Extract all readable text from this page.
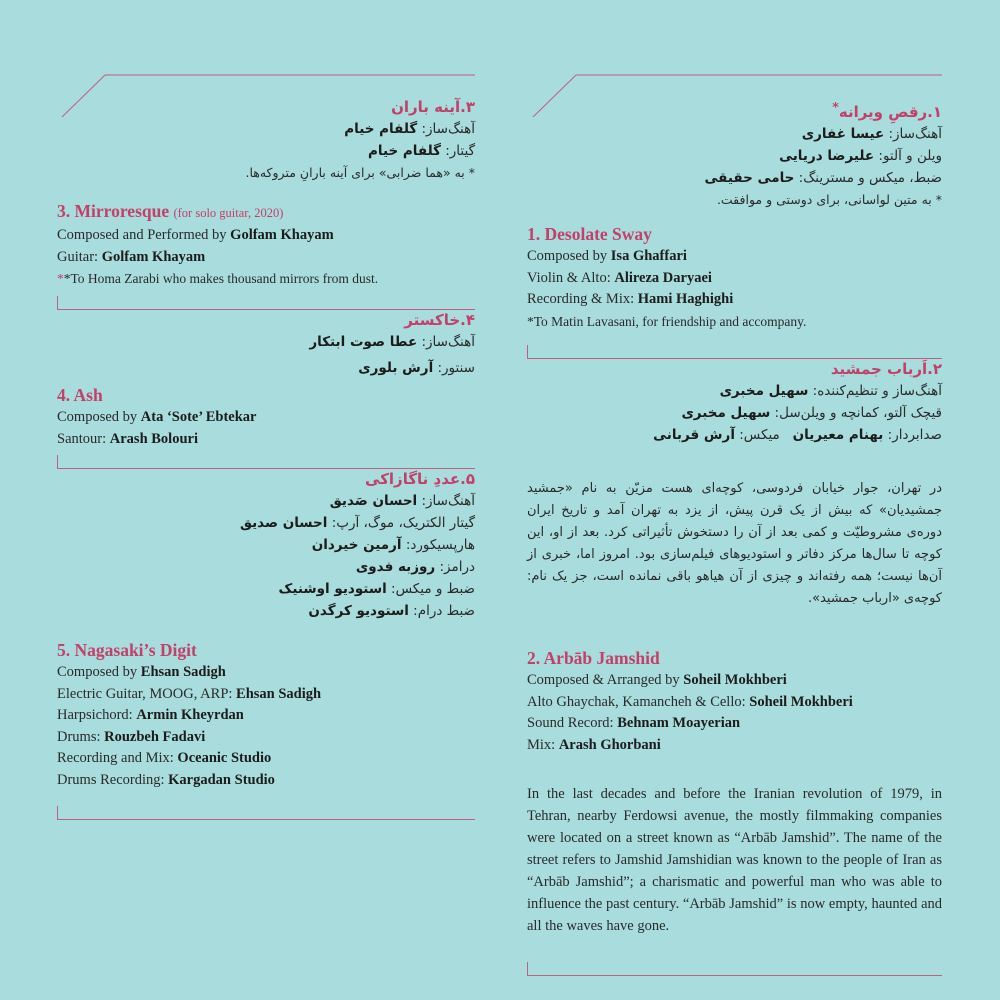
۳.آینه باران
آهنگ‌ساز: گلفام خیام
گیتار: گلفام خیام
* به «هما ضرابی» برای آینه بارانِ متروکه‌ها.
3. Mirroresque (for solo guitar, 2020)
Composed and Performed by Golfam Khayam
Guitar: Golfam Khayam
**To Homa Zarabi who makes thousand mirrors from dust.
۴.خاکستر
آهنگ‌ساز: عطا صوت ابتکار
سنتور: آرش بلوری
4. Ash
Composed by Ata ‘Sote’ Ebtekar
Santour: Arash Bolouri
۵.عددِ ناگازاکی
آهنگ‌ساز: احسان صَدیق
گیتار الکتریک، موگ، آرپ: احسان صدیق
هارپسیکورد: آرمین خیردان
درامز: روزبه فدوی
ضبط و میکس: استودیو اوشنیک
ضبط درام: استودیو کرگدن
5. Nagasaki’s Digit
Composed by Ehsan Sadigh
Electric Guitar, MOOG, ARP: Ehsan Sadigh
Harpsichord: Armin Kheyrdan
Drums: Rouzbeh Fadavi
Recording and Mix: Oceanic Studio
Drums Recording: Kargadan Studio
۱.رقصِ ویرانه*
آهنگ‌ساز: عیسا غفاری
ویلن و آلتو: علیرضا دریایی
ضبط، میکس و مسترینگ: حامی حقیقی
* به متین لواسانی، برای دوستی و موافقت.
1. Desolate Sway
Composed by Isa Ghaffari
Violin & Alto: Alireza Daryaei
Recording & Mix: Hami Haghighi
*To Matin Lavasani, for friendship and accompany.
۲.اَرباب جمشید
آهنگ‌ساز و تنظیم‌کننده: سهیل مخبری
قیچک آلتو، کمانچه و ویلن‌سل: سهیل مخبری
صدابردار: بهنام معیریان   میکس: آرش قربانی
در تهران، جوار خیابان فردوسی، کوچه‌ای هست مزیّن به نام «جمشید جمشیدیان» که بیش از یک قرن پیش، از یزد به تهران آمد و تاریخ ایران دوره‌ی مشروطیّت و کمی بعد از آن را دستخوش تأثیراتی کرد. بعد از او، این کوچه تا سال‌ها مرکز دفاتر و استودیوهای فیلم‌سازی بود. امروز اما، خبری از آن‌ها نیست؛ همه رفته‌اند و چیزی از آن هیاهو باقی نمانده است، جز یک نام: کوچه‌ی «ارباب جمشید».
2. Arbāb Jamshid
Composed & Arranged by Soheil Mokhberi
Alto Ghaychak, Kamancheh & Cello: Soheil Mokhberi
Sound Record: Behnam Moayerian
Mix: Arash Ghorbani
In the last decades and before the Iranian revolution of 1979, in Tehran, nearby Ferdowsi avenue, the mostly filmmaking companies were located on a street known as “Arbāb Jamshid”. The name of the street refers to Jamshid Jamshidian was known to the people of Iran as “Arbāb Jamshid”; a charismatic and powerful man who was able to influence the past century. “Arbāb Jamshid” is now empty, haunted and all the waves have gone.
